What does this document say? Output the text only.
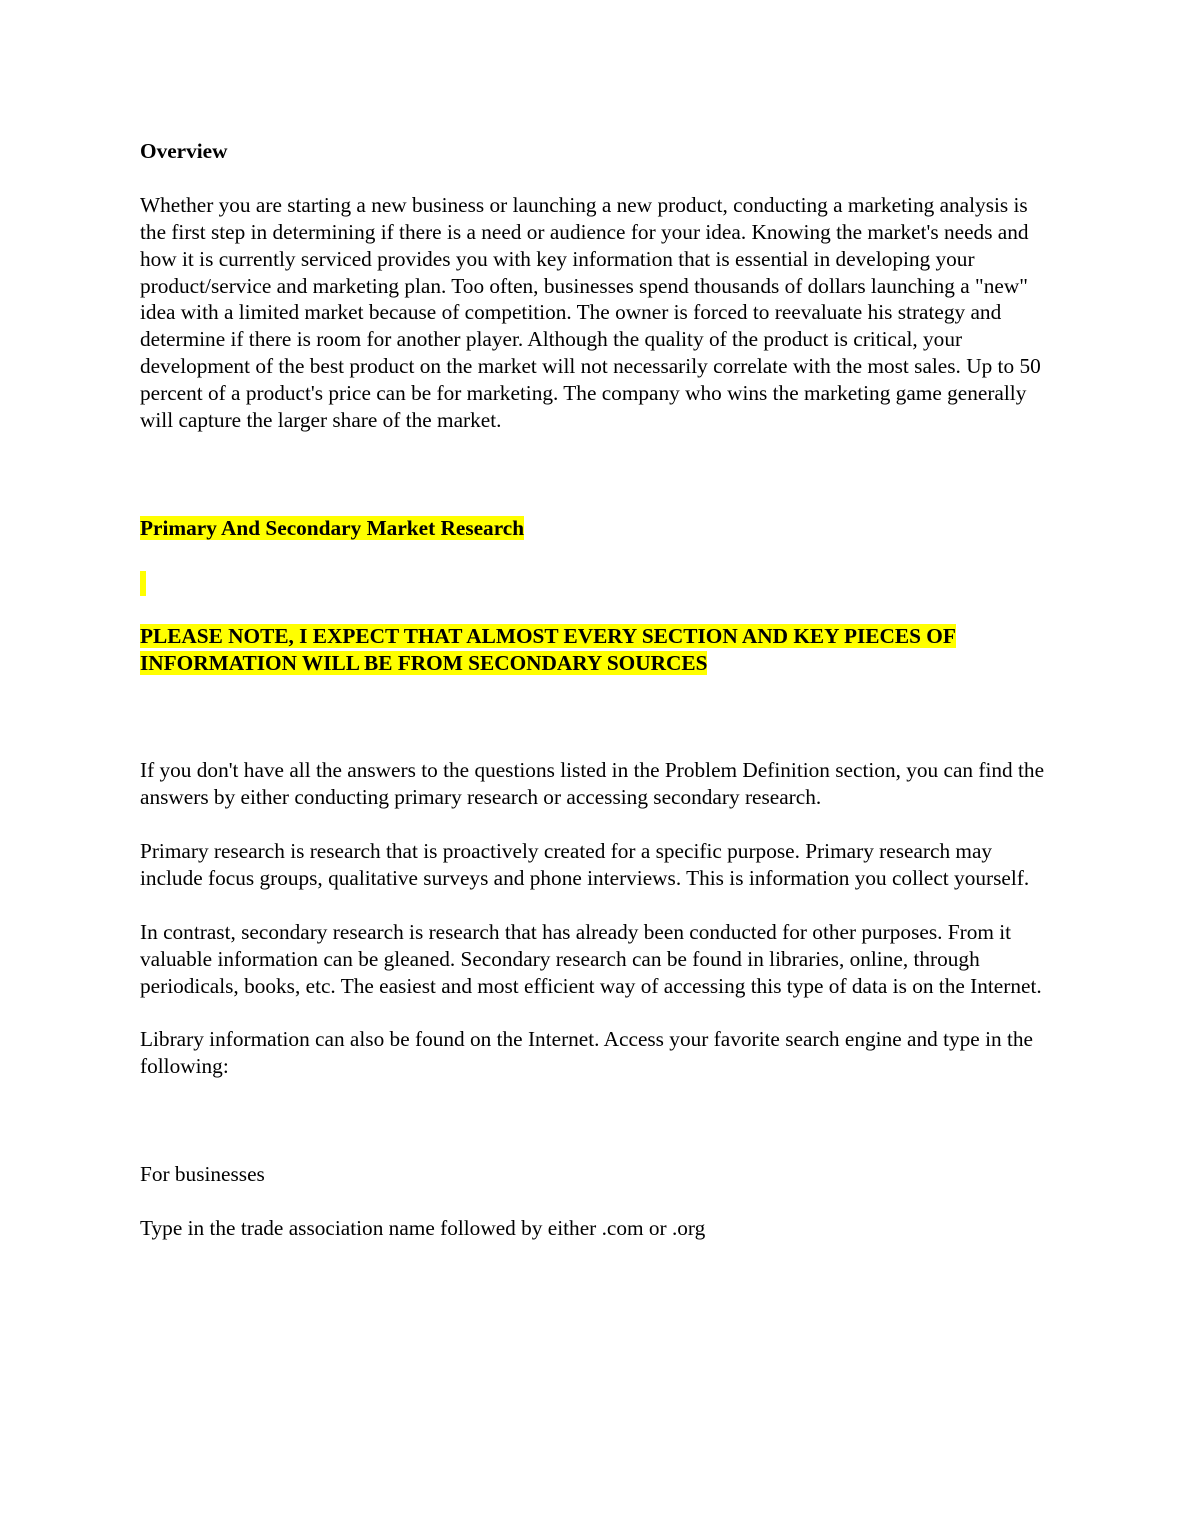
Overview

Whether you are starting a new business or launching a new product, conducting a marketing analysis is the first step in determining if there is a need or audience for your idea. Knowing the market's needs and how it is currently serviced provides you with key information that is essential in developing your product/service and marketing plan. Too often, businesses spend thousands of dollars launching a "new" idea with a limited market because of competition. The owner is forced to reevaluate his strategy and determine if there is room for another player. Although the quality of the product is critical, your development of the best product on the market will not necessarily correlate with the most sales. Up to 50 percent of a product's price can be for marketing. The company who wins the marketing game generally will capture the larger share of the market.

Primary And Secondary Market Research

PLEASE NOTE, I EXPECT THAT ALMOST EVERY SECTION AND KEY PIECES OF
INFORMATION WILL BE FROM SECONDARY SOURCES

If you don't have all the answers to the questions listed in the Problem Definition section, you can find the answers by either conducting primary research or accessing secondary research.

Primary research is research that is proactively created for a specific purpose. Primary research may include focus groups, qualitative surveys and phone interviews. This is information you collect yourself.

In contrast, secondary research is research that has already been conducted for other purposes. From it valuable information can be gleaned. Secondary research can be found in libraries, online, through periodicals, books, etc. The easiest and most efficient way of accessing this type of data is on the Internet.

Library information can also be found on the Internet. Access your favorite search engine and type in the following:

For businesses

Type in the trade association name followed by either .com or .org
